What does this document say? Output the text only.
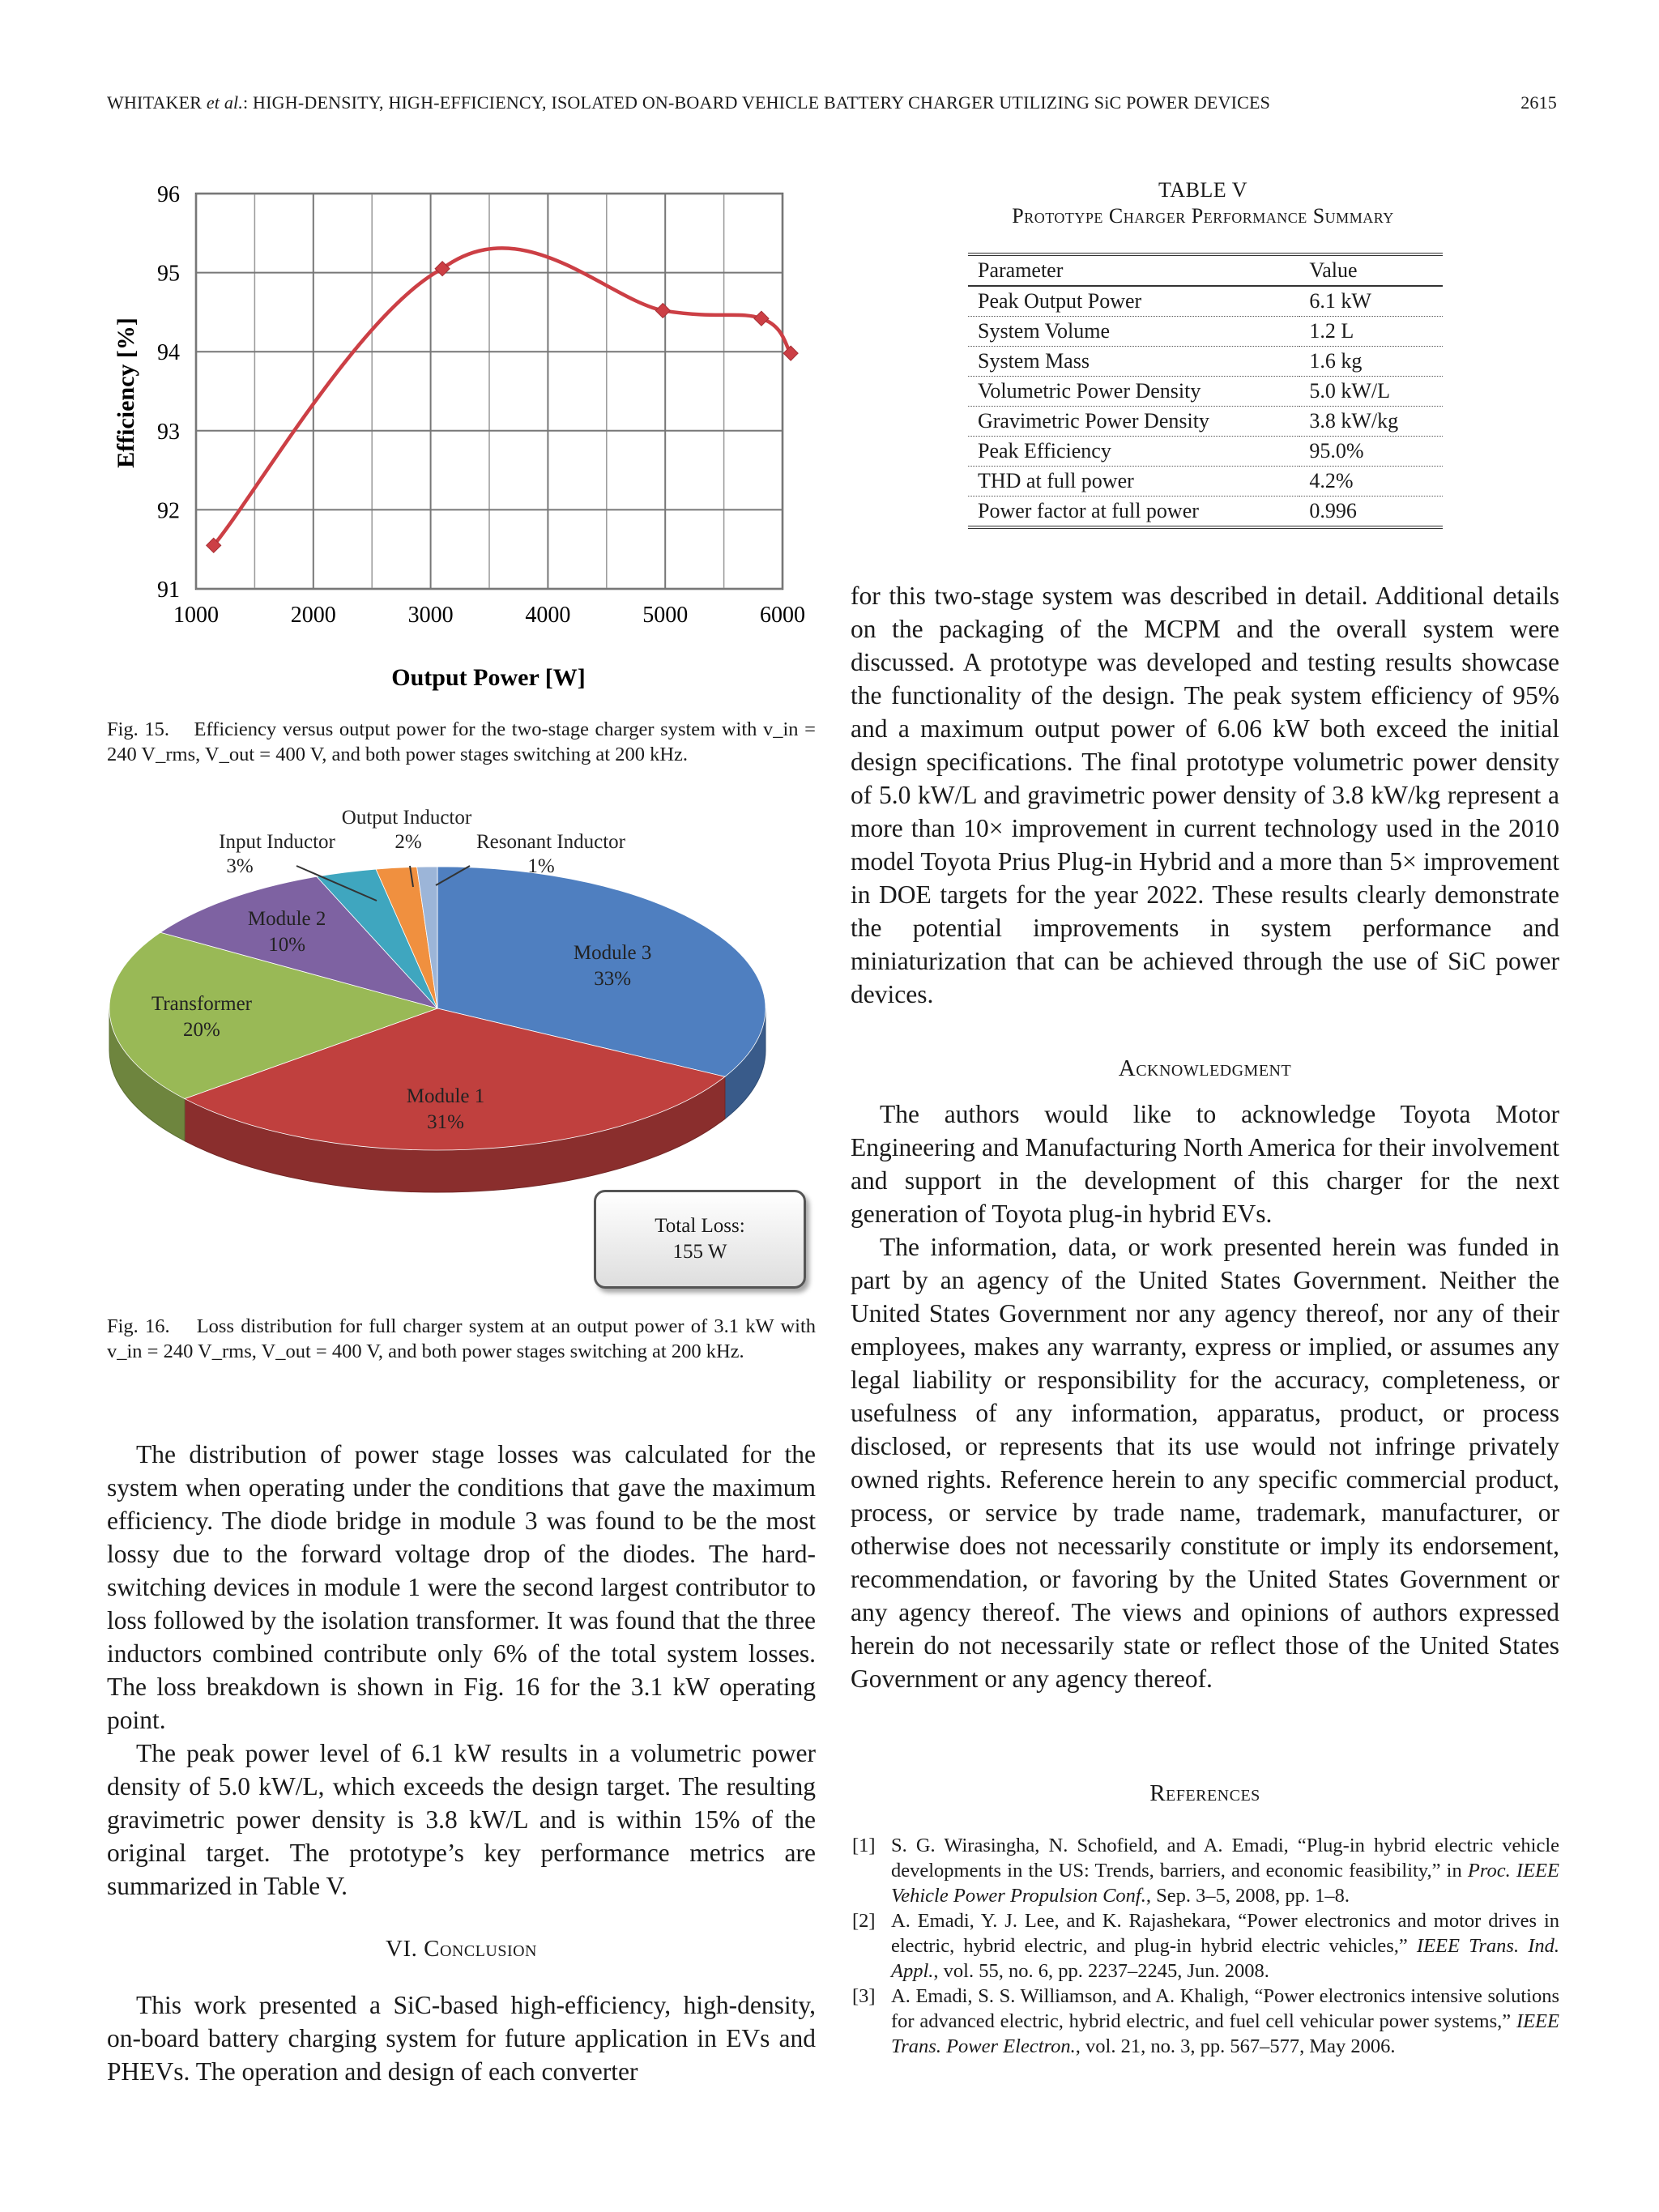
WHITAKER et al.: HIGH-DENSITY, HIGH-EFFICIENCY, ISOLATED ON-BOARD VEHICLE BATTERY CHARGER UTILIZING SiC POWER DEVICES	2615
1000	2000	3000	4000	5000	6000
91
92
93
94
95
96
Output Power [W]
Efficiency [%]

Fig. 15. Efficiency versus output power for the two-stage charger system with v_in = 240 V_rms, V_out = 400 V, and both power stages switching at 200 kHz.

Module 3
33%
Module 1
31%
Transformer
20%
Module 2
10%
Input Inductor
3%
Output Inductor
2%	Resonant Inductor
1%
Total Loss:
155 W

Fig. 16. Loss distribution for full charger system at an output power of 3.1 kW with v_in = 240 V_rms, V_out = 400 V, and both power stages switching at 200 kHz.

The distribution of power stage losses was calculated for the system when operating under the conditions that gave the maximum efficiency. The diode bridge in module 3 was found to be the most lossy due to the forward voltage drop of the diodes. The hard-switching devices in module 1 were the second largest contributor to loss followed by the isolation transformer. It was found that the three inductors combined contribute only 6% of the total system losses. The loss breakdown is shown in Fig. 16 for the 3.1 kW operating point.

The peak power level of 6.1 kW results in a volumetric power density of 5.0 kW/L, which exceeds the design target. The resulting gravimetric power density is 3.8 kW/L and is within 15% of the original target. The prototype’s key performance metrics are summarized in Table V.

VI. Conclusion

This work presented a SiC-based high-efficiency, high-density, on-board battery charging system for future application in EVs and PHEVs. The operation and design of each converter

TABLE V
Prototype Charger Performance Summary
Parameter	Value
Peak Output Power	6.1 kW
System Volume	1.2 L
System Mass	1.6 kg
Volumetric Power Density	5.0 kW/L
Gravimetric Power Density	3.8 kW/kg
Peak Efficiency	95.0%
THD at full power	4.2%
Power factor at full power	0.996

for this two-stage system was described in detail. Additional details on the packaging of the MCPM and the overall system were discussed. A prototype was developed and testing results showcase the functionality of the design. The peak system efficiency of 95% and a maximum output power of 6.06 kW both exceed the initial design specifications. The final prototype volumetric power density of 5.0 kW/L and gravimetric power density of 3.8 kW/kg represent a more than 10× improvement in current technology used in the 2010 model Toyota Prius Plug-in Hybrid and a more than 5× improvement in DOE targets for the year 2022. These results clearly demonstrate the potential improvements in system performance and miniaturization that can be achieved through the use of SiC power devices.

Acknowledgment

The authors would like to acknowledge Toyota Motor Engineering and Manufacturing North America for their involvement and support in the development of this charger for the next generation of Toyota plug-in hybrid EVs.

The information, data, or work presented herein was funded in part by an agency of the United States Government. Neither the United States Government nor any agency thereof, nor any of their employees, makes any warranty, express or implied, or assumes any legal liability or responsibility for the accuracy, completeness, or usefulness of any information, apparatus, product, or process disclosed, or represents that its use would not infringe privately owned rights. Reference herein to any specific commercial product, process, or service by trade name, trademark, manufacturer, or otherwise does not necessarily constitute or imply its endorsement, recommendation, or favoring by the United States Government or any agency thereof. The views and opinions of authors expressed herein do not necessarily state or reflect those of the United States Government or any agency thereof.

References
[1] S. G. Wirasingha, N. Schofield, and A. Emadi, “Plug-in hybrid electric vehicle developments in the US: Trends, barriers, and economic feasibility,” in Proc. IEEE Vehicle Power Propulsion Conf., Sep. 3–5, 2008, pp. 1–8.
[2] A. Emadi, Y. J. Lee, and K. Rajashekara, “Power electronics and motor drives in electric, hybrid electric, and plug-in hybrid electric vehicles,” IEEE Trans. Ind. Appl., vol. 55, no. 6, pp. 2237–2245, Jun. 2008.
[3] A. Emadi, S. S. Williamson, and A. Khaligh, “Power electronics intensive solutions for advanced electric, hybrid electric, and fuel cell vehicular power systems,” IEEE Trans. Power Electron., vol. 21, no. 3, pp. 567–577, May 2006.
